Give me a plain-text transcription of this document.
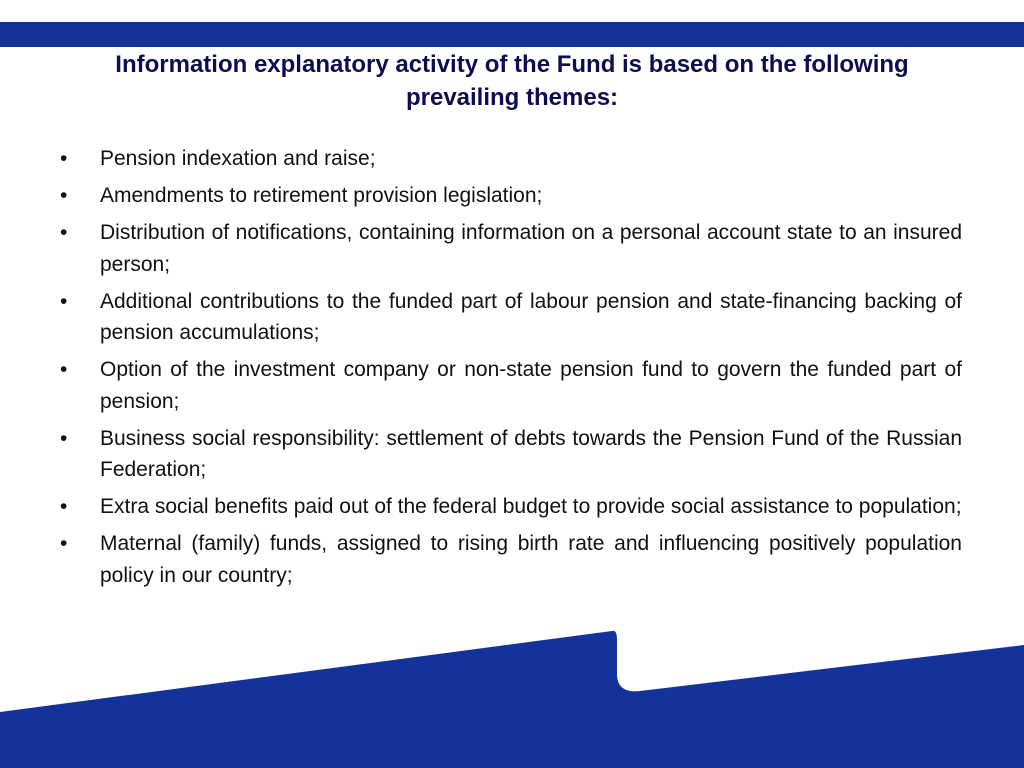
Information explanatory activity of the Fund is based on the following prevailing themes:
• Pension indexation and raise;
• Amendments to retirement provision legislation;
• Distribution of notifications, containing information on a personal account state to an insured person;
• Additional contributions to the funded part of labour pension and state-financing backing of pension accumulations;
• Option of the investment company or non-state pension fund to govern the funded part of pension;
• Business social responsibility: settlement of debts towards the Pension Fund of the Russian Federation;
• Extra social benefits paid out of the federal budget to provide social assistance to population;
• Maternal (family) funds, assigned to rising birth rate and influencing positively population policy in our country;
